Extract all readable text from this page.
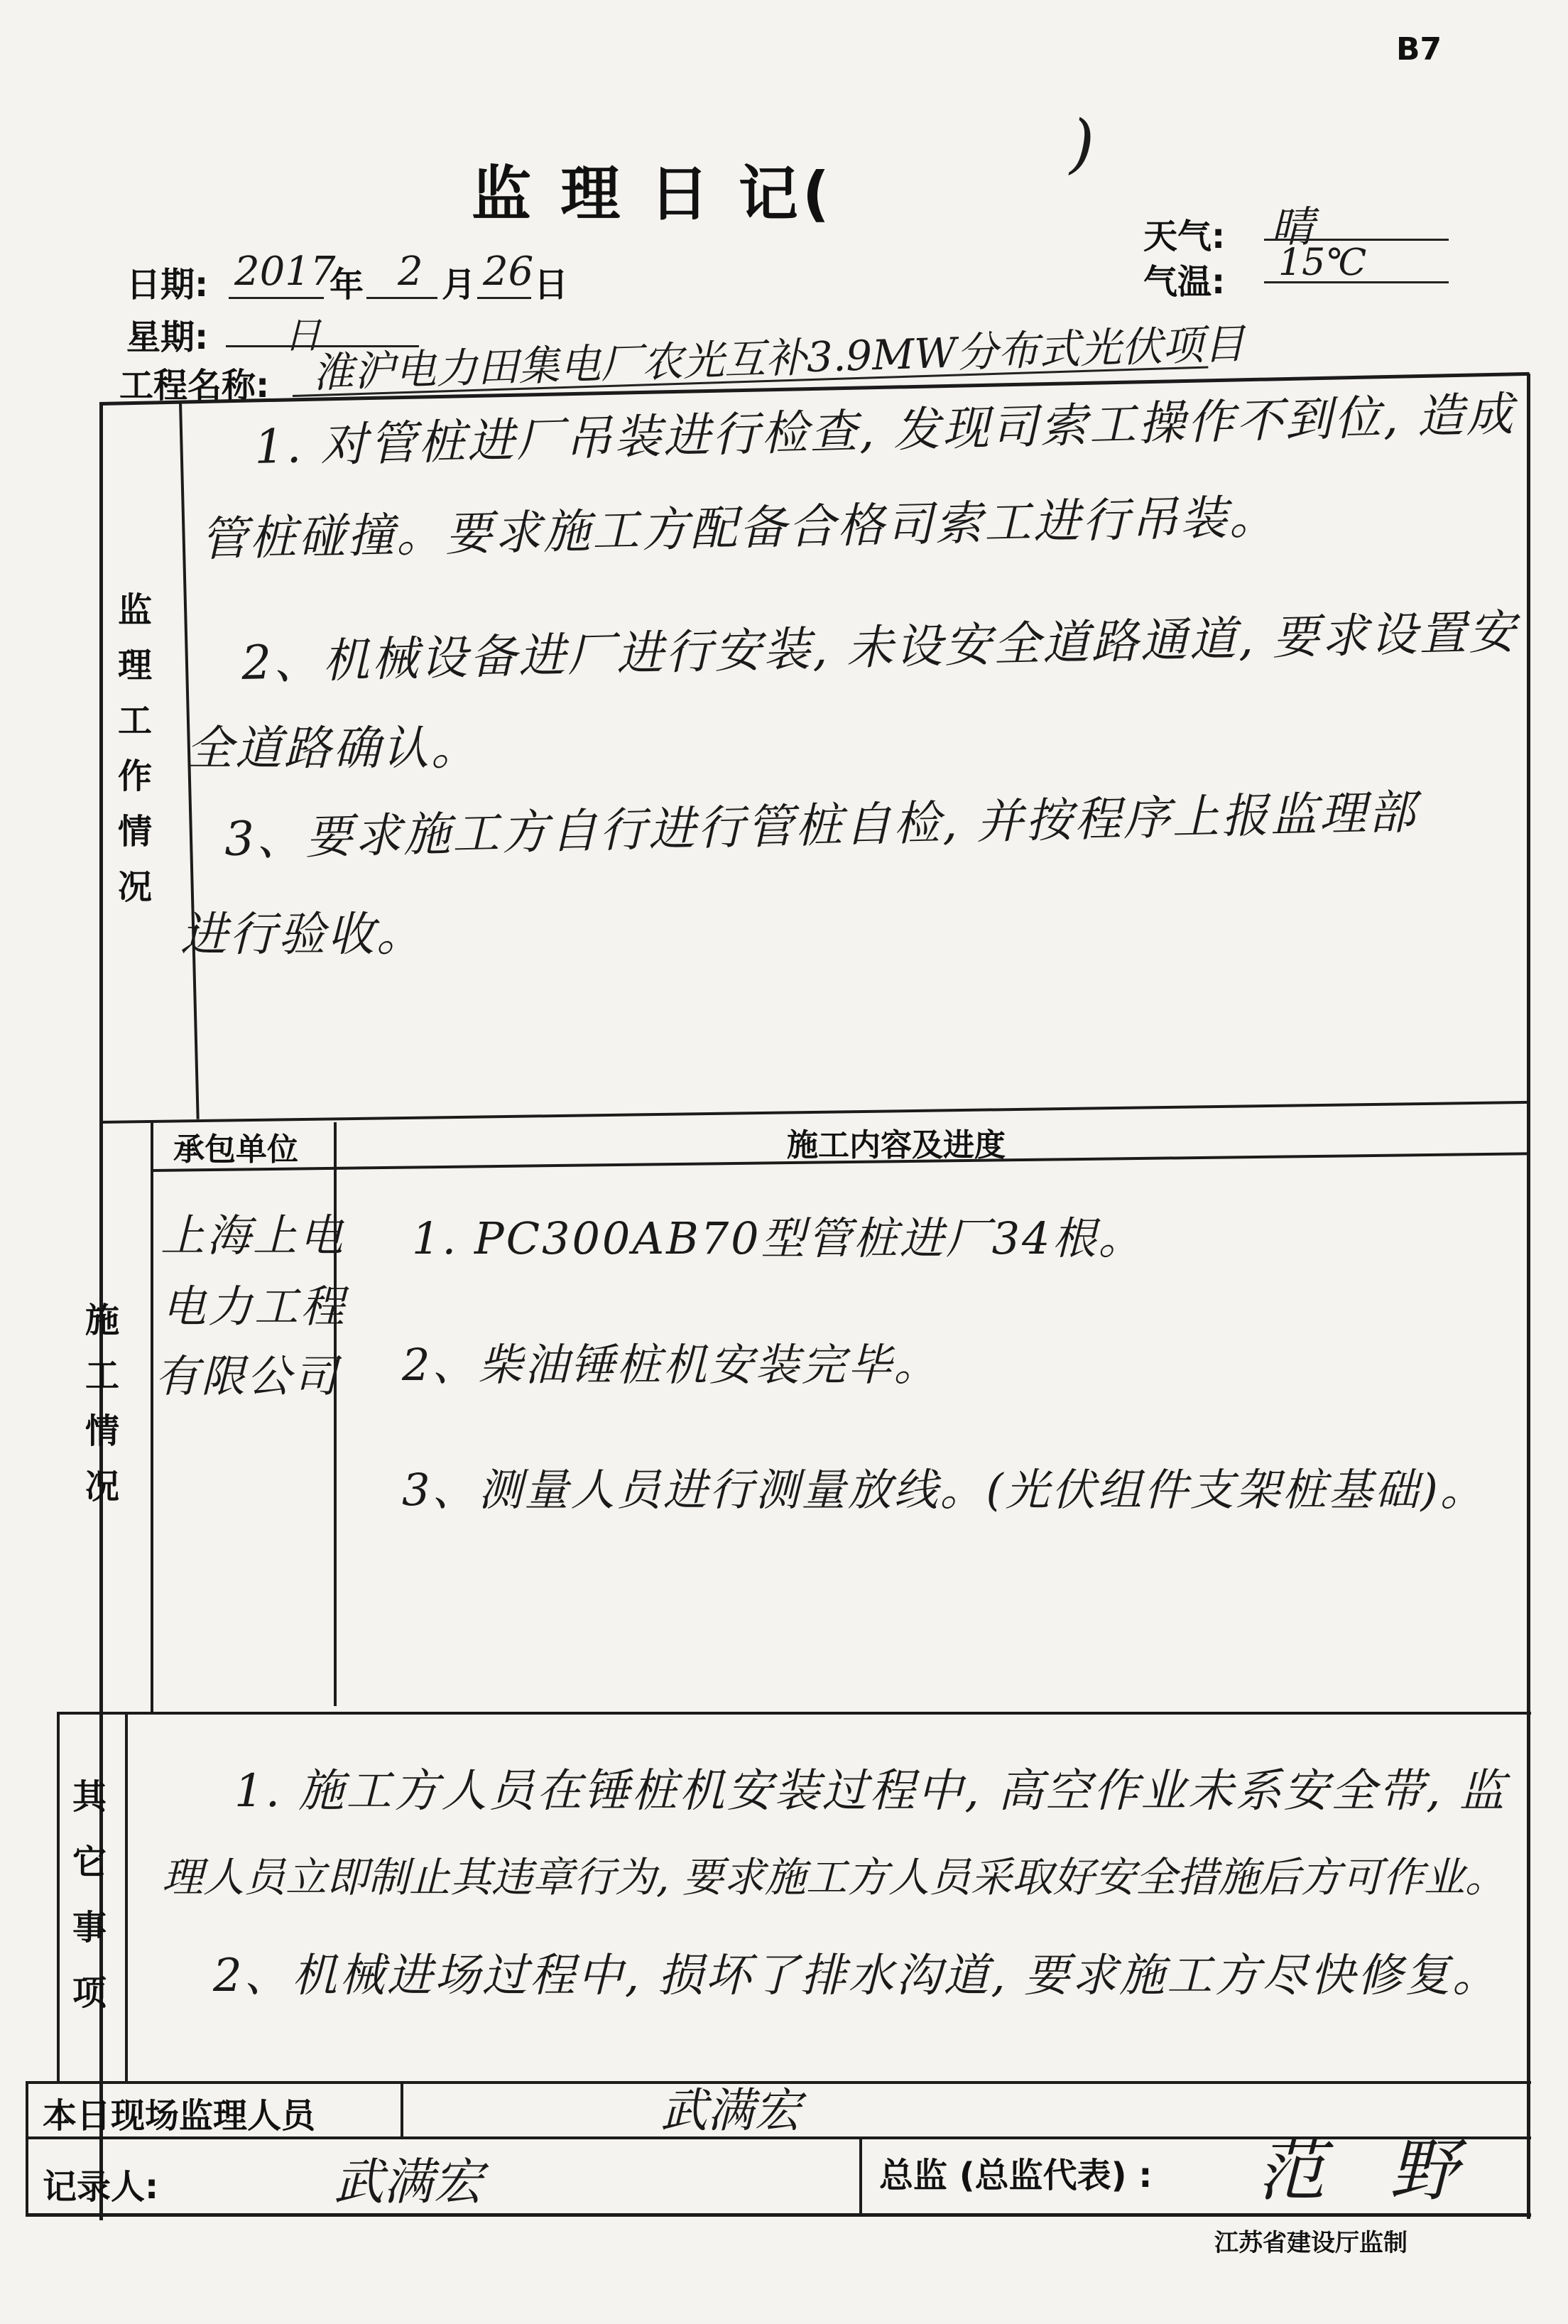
B7
监 理 日 记(
)
天气: 晴
气温: 15℃
日期: 2017
年 2 月 26 日
星期: 日
工程名称: 淮沪电力田集电厂农光互补3.9MW分布式光伏项目
监
理
工
作
情
况
1. 对管桩进厂吊装进行检查, 发现司索工操作不到位, 造成
管桩碰撞。要求施工方配备合格司索工进行吊装。
2、机械设备进厂进行安装, 未设安全道路通道, 要求设置安
全道路确认。
3、要求施工方自行进行管桩自检, 并按程序上报监理部
进行验收。
施
工
情
况
承包单位	施工内容及进度
上海上电
电力工程
有限公司
1. PC300AB70型管桩进厂34根。
2、柴油锤桩机安装完毕。
3、测量人员进行测量放线。(光伏组件支架桩基础)。
其
它
事
项
1. 施工方人员在锤桩机安装过程中, 高空作业未系安全带, 监
理人员立即制止其违章行为, 要求施工方人员采取好安全措施后方可作业。
2、机械进场过程中, 损坏了排水沟道, 要求施工方尽快修复。
本日现场监理人员	武满宏
记录人:	武满宏	总监 (总监代表) : 范 野
江苏省建设厅监制
